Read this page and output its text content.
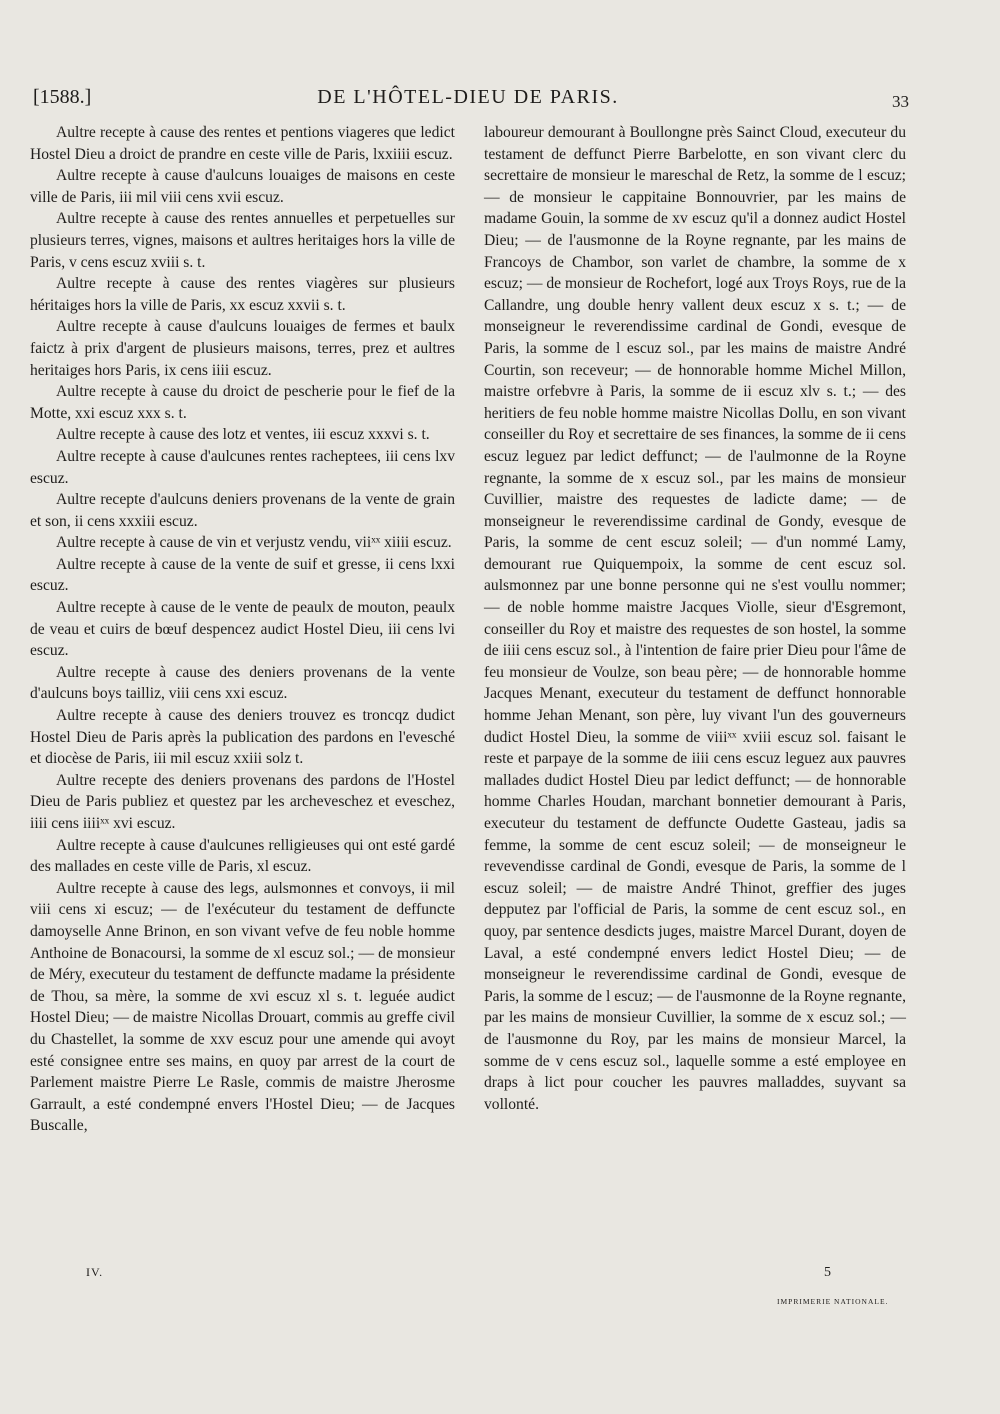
[1588.]	DE L'HÔTEL-DIEU DE PARIS.	33

Aultre recepte à cause des rentes et pentions viageres que ledict Hostel Dieu a droict de prandre en ceste ville de Paris, lxxiiii escuz.

Aultre recepte à cause d'aulcuns louaiges de maisons en ceste ville de Paris, iii mil viii cens xvii escuz.

Aultre recepte à cause des rentes annuelles et perpetuelles sur plusieurs terres, vignes, maisons et aultres heritaiges hors la ville de Paris, v cens escuz xviii s. t.

Aultre recepte à cause des rentes viagères sur plusieurs héritaiges hors la ville de Paris, xx escuz xxvii s. t.

Aultre recepte à cause d'aulcuns louaiges de fermes et baulx faictz à prix d'argent de plusieurs maisons, terres, prez et aultres heritaiges hors Paris, ix cens iiii escuz.

Aultre recepte à cause du droict de pescherie pour le fief de la Motte, xxi escuz xxx s. t.

Aultre recepte à cause des lotz et ventes, iii escuz xxxvi s. t.

Aultre recepte à cause d'aulcunes rentes racheptees, iii cens lxv escuz.

Aultre recepte d'aulcuns deniers provenans de la vente de grain et son, ii cens xxxiii escuz.

Aultre recepte à cause de vin et verjustz vendu, viiˣˣ xiiii escuz.

Aultre recepte à cause de la vente de suif et gresse, ii cens lxxi escuz.

Aultre recepte à cause de le vente de peaulx de mouton, peaulx de veau et cuirs de bœuf despencez audict Hostel Dieu, iii cens lvi escuz.

Aultre recepte à cause des deniers provenans de la vente d'aulcuns boys tailliz, viii cens xxi escuz.

Aultre recepte à cause des deniers trouvez es troncqz dudict Hostel Dieu de Paris après la publication des pardons en l'evesché et diocèse de Paris, iii mil escuz xxiii solz t.

Aultre recepte des deniers provenans des pardons de l'Hostel Dieu de Paris publiez et questez par les archeveschez et eveschez, iiii cens iiiiˣˣ xvi escuz.

Aultre recepte à cause d'aulcunes relligieuses qui ont esté gardé des mallades en ceste ville de Paris, xl escuz.

Aultre recepte à cause des legs, aulsmonnes et convoys, ii mil viii cens xi escuz; — de l'exécuteur du testament de deffuncte damoyselle Anne Brinon, en son vivant vefve de feu noble homme Anthoine de Bonacoursi, la somme de xl escuz sol.; — de monsieur de Méry, executeur du testament de deffuncte madame la présidente de Thou, sa mère, la somme de xvi escuz xl s. t. leguée audict Hostel Dieu; — de maistre Nicollas Drouart, commis au greffe civil du Chastellet, la somme de xxv escuz pour une amende qui avoyt esté consignee entre ses mains, en quoy par arrest de la court de Parlement maistre Pierre Le Rasle, commis de maistre Jherosme Garrault, a esté condempné envers l'Hostel Dieu; — de Jacques Buscalle,

laboureur demourant à Boullongne près Sainct Cloud, executeur du testament de deffunct Pierre Barbelotte, en son vivant clerc du secrettaire de monsieur le mareschal de Retz, la somme de l escuz; — de monsieur le cappitaine Bonnouvrier, par les mains de madame Gouin, la somme de xv escuz qu'il a donnez audict Hostel Dieu; — de l'ausmonne de la Royne regnante, par les mains de Francoys de Chambor, son varlet de chambre, la somme de x escuz; — de monsieur de Rochefort, logé aux Troys Roys, rue de la Callandre, ung double henry vallent deux escuz x s. t.; — de monseigneur le reverendissime cardinal de Gondi, evesque de Paris, la somme de l escuz sol., par les mains de maistre André Courtin, son recevеur; — de honnorable homme Michel Millon, maistre orfebvre à Paris, la somme de ii escuz xlv s. t.; — des heritiers de feu noble homme maistre Nicollas Dollu, en son vivant conseiller du Roy et secrettaire de ses finances, la somme de ii cens escuz leguez par ledict deffunct; — de l'aulmonne de la Royne regnante, la somme de x escuz sol., par les mains de monsieur Cuvillier, maistre des requestes de ladicte dame; — de monseigneur le reverendissime cardinal de Gondy, evesque de Paris, la somme de cent escuz soleil; — d'un nommé Lamy, demourant rue Quiquempoix, la somme de cent escuz sol. aulsmonnez par une bonne personne qui ne s'est voullu nommer; — de noble homme maistre Jacques Violle, sieur d'Esgremont, conseiller du Roy et maistre des requestes de son hostel, la somme de iiii cens escuz sol., à l'intention de faire prier Dieu pour l'âme de feu monsieur de Voulze, son beau père; — de honnorable homme Jacques Menant, executeur du testament de deffunct honnorable homme Jehan Menant, son père, luy vivant l'un des gouverneurs dudict Hostel Dieu, la somme de viiiˣˣ xviii escuz sol. faisant le reste et parpaye de la somme de iiii cens escuz leguez aux pauvres mallades dudict Hostel Dieu par ledict deffunct; — de honnorable homme Charles Houdan, marchant bonnetier demourant à Paris, executeur du testament de deffuncte Oudette Gasteau, jadis sa femme, la somme de cent escuz soleil; — de monseigneur le revevendisse cardinal de Gondi, evesque de Paris, la somme de l escuz soleil; — de maistre André Thinot, greffier des juges depputez par l'official de Paris, la somme de cent escuz sol., en quoy, par sentence desdicts juges, maistre Marcel Durant, doyen de Laval, a esté condempné envers ledict Hostel Dieu; — de monseigneur le reverendissime cardinal de Gondi, evesque de Paris, la somme de l escuz; — de l'ausmonne de la Royne regnante, par les mains de monsieur Cuvillier, la somme de x escuz sol.; — de l'ausmonne du Roy, par les mains de monsieur Marcel, la somme de v cens escuz sol., laquelle somme a esté employee en draps à lict pour coucher les pauvres malladdes, suyvant sa vollonté.

IV.	5
IMPRIMERIE NATIONALE.
